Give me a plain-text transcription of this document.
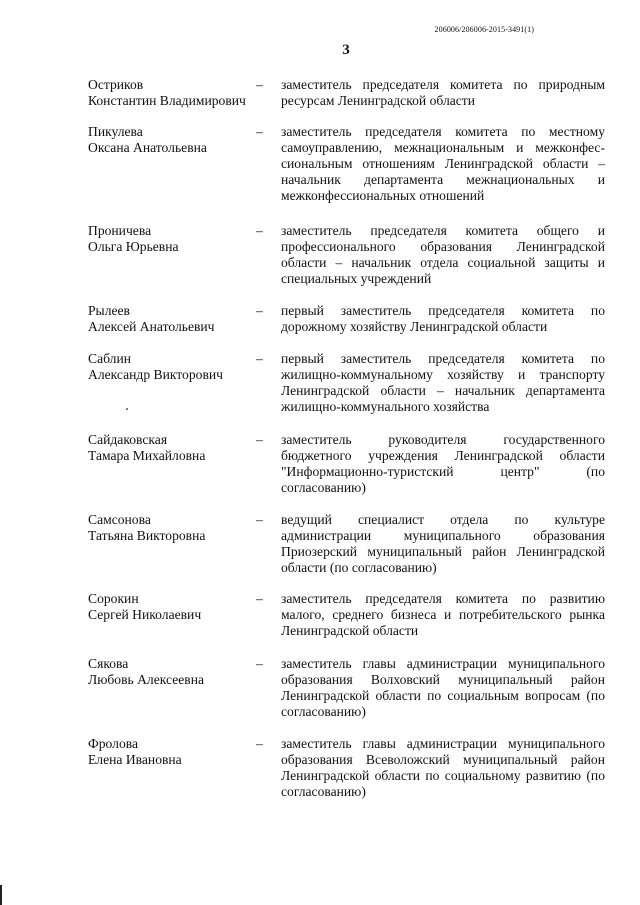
206006/206006-2015-3491(1)
3
Остриков
Константин Владимирович
– заместитель председателя комитета по природным ресурсам Ленинградской области
Пикулева
Оксана Анатольевна
– заместитель председателя комитета по местному самоуправлению, межнациональным и межконфессиональным отношениям Ленинградской области – начальник департамента межнациональных и межконфессиональных отношений
Проничева
Ольга Юрьевна
– заместитель председателя комитета общего и профессионального образования Ленинградской области – начальник отдела социальной защиты и специальных учреждений
Рылеев
Алексей Анатольевич
– первый заместитель председателя комитета по дорожному хозяйству Ленинградской области
Саблин
Александр Викторович
– первый заместитель председателя комитета по жилищно-коммунальному хозяйству и транспорту Ленинградской области – начальник департамента жилищно-коммунального хозяйства
Сайдаковская
Тамара Михайловна
– заместитель руководителя государственного бюджетного учреждения Ленинградской области "Информационно-туристский центр" (по согласованию)
Самсонова
Татьяна Викторовна
– ведущий специалист отдела по культуре администрации муниципального образования Приозерский муниципальный район Ленинградской области (по согласованию)
Сорокин
Сергей Николаевич
– заместитель председателя комитета по развитию малого, среднего бизнеса и потребительского рынка Ленинградской области
Сякова
Любовь Алексеевна
– заместитель главы администрации муниципального образования Волховский муниципальный район Ленинградской области по социальным вопросам (по согласованию)
Фролова
Елена Ивановна
– заместитель главы администрации муниципального образования Всеволожский муниципальный район Ленинградской области по социальному развитию (по согласованию)
